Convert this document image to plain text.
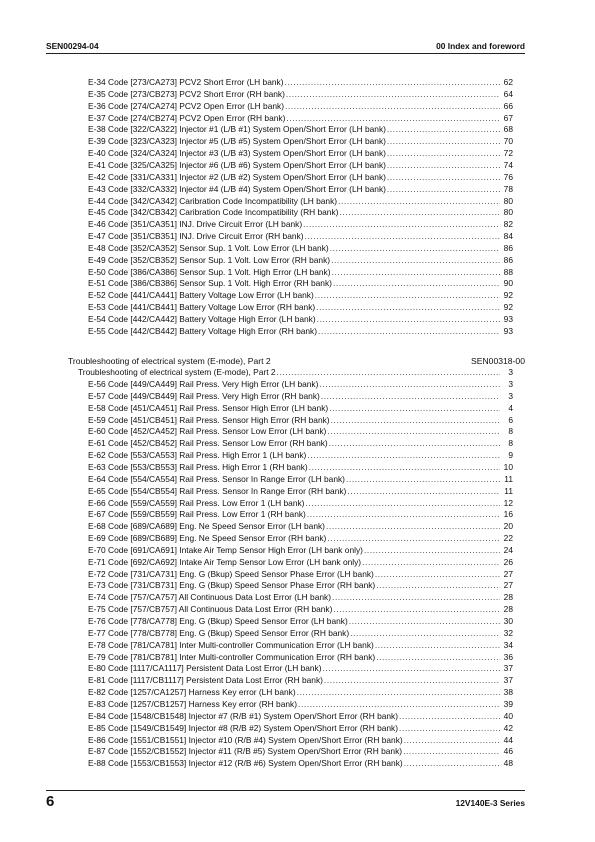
SEN00294-04	00 Index and foreword
E-34 Code [273/CA273] PCV2 Short Error (LH bank) .....	62
E-35 Code [273/CB273] PCV2 Short Error (RH bank) .....	64
E-36 Code [274/CA274] PCV2 Open Error (LH bank) .....	66
E-37 Code [274/CB274] PCV2 Open Error (RH bank) .....	67
E-38 Code [322/CA322] Injector #1 (L/B #1) System Open/Short Error (LH bank) .....	68
E-39 Code [323/CA323] Injector #5 (L/B #5) System Open/Short Error (LH bank) .....	70
E-40 Code [324/CA324] Injector #3 (L/B #3) System Open/Short Error (LH bank) .....	72
E-41 Code [325/CA325] Injector #6 (L/B #6) System Open/Short Error (LH bank) .....	74
E-42 Code [331/CA331] Injector #2 (L/B #2) System Open/Short Error (LH bank) .....	76
E-43 Code [332/CA332] Injector #4 (L/B #4) System Open/Short Error (LH bank) .....	78
E-44 Code [342/CA342] Caribration Code Incompatibility (LH bank) .....	80
E-45 Code [342/CB342] Caribration Code Incompatibility (RH bank) .....	80
E-46 Code [351/CA351] INJ. Drive Circuit Error (LH bank) .....	82
E-47 Code [351/CB351] INJ. Drive Circuit Error (RH bank) .....	84
E-48 Code [352/CA352] Sensor Sup. 1 Volt. Low Error (LH bank) .....	86
E-49 Code [352/CB352] Sensor Sup. 1 Volt. Low Error (RH bank) .....	86
E-50 Code [386/CA386] Sensor Sup. 1 Volt. High Error (LH bank) .....	88
E-51 Code [386/CB386] Sensor Sup. 1 Volt. High Error (RH bank) .....	90
E-52 Code [441/CA441] Battery Voltage Low Error (LH bank) .....	92
E-53 Code [441/CB441] Battery Voltage Low Error (RH bank) .....	92
E-54 Code [442/CA442] Battery Voltage High Error (LH bank) .....	93
E-55 Code [442/CB442] Battery Voltage High Error (RH bank) .....	93
Troubleshooting of electrical system (E-mode), Part 2	SEN00318-00
Troubleshooting of electrical system (E-mode), Part 2 .....	3
E-56 Code [449/CA449] Rail Press. Very High Error (LH bank) .....	3
E-57 Code [449/CB449] Rail Press. Very High Error (RH bank) .....	3
E-58 Code [451/CA451] Rail Press. Sensor High Error (LH bank) .....	4
E-59 Code [451/CB451] Rail Press. Sensor High Error (RH bank) .....	6
E-60 Code [452/CA452] Rail Press. Sensor Low Error (LH bank) .....	8
E-61 Code [452/CB452] Rail Press. Sensor Low Error (RH bank) .....	8
E-62 Code [553/CA553] Rail Press. High Error 1 (LH bank) .....	9
E-63 Code [553/CB553] Rail Press. High Error 1 (RH bank) .....	10
E-64 Code [554/CA554] Rail Press. Sensor In Range Error (LH bank) .....	11
E-65 Code [554/CB554] Rail Press. Sensor In Range Error (RH bank) .....	11
E-66 Code [559/CA559] Rail Press. Low Error 1 (LH bank) .....	12
E-67 Code [559/CB559] Rail Press. Low Error 1 (RH bank) .....	16
E-68 Code [689/CA689] Eng. Ne Speed Sensor Error (LH bank) .....	20
E-69 Code [689/CB689] Eng. Ne Speed Sensor Error (RH bank) .....	22
E-70 Code [691/CA691] Intake Air Temp Sensor High Error (LH bank only) .....	24
E-71 Code [692/CA692] Intake Air Temp Sensor Low Error (LH bank only) .....	26
E-72 Code [731/CA731] Eng. G (Bkup) Speed Sensor Phase Error (LH bank) .....	27
E-73 Code [731/CB731] Eng. G (Bkup) Speed Sensor Phase Error (RH bank) .....	27
E-74 Code [757/CA757] All Continuous Data Lost Error (LH bank) .....	28
E-75 Code [757/CB757] All Continuous Data Lost Error (RH bank) .....	28
E-76 Code [778/CA778] Eng. G (Bkup) Speed Sensor Error (LH bank) .....	30
E-77 Code [778/CB778] Eng. G (Bkup) Speed Sensor Error (RH bank) .....	32
E-78 Code [781/CA781] Inter Multi-controller Communication Error (LH bank) .....	34
E-79 Code [781/CB781] Inter Multi-controller Communication Error (RH bank) .....	36
E-80 Code [1117/CA1117] Persistent Data Lost Error (LH bank) .....	37
E-81 Code [1117/CB1117] Persistent Data Lost Error (RH bank) .....	37
E-82 Code [1257/CA1257] Harness Key error (LH bank) .....	38
E-83 Code [1257/CB1257] Harness Key error (RH bank) .....	39
E-84 Code [1548/CB1548] Injector #7 (R/B #1) System Open/Short Error (RH bank) .....	40
E-85 Code [1549/CB1549] Injector #8 (R/B #2) System Open/Short Error (RH bank) .....	42
E-86 Code [1551/CB1551] Injector #10 (R/B #4) System Open/Short Error (RH bank) .....	44
E-87 Code [1552/CB1552] Injector #11 (R/B #5) System Open/Short Error (RH bank) .....	46
E-88 Code [1553/CB1553] Injector #12 (R/B #6) System Open/Short Error (RH bank) .....	48
6	12V140E-3 Series
